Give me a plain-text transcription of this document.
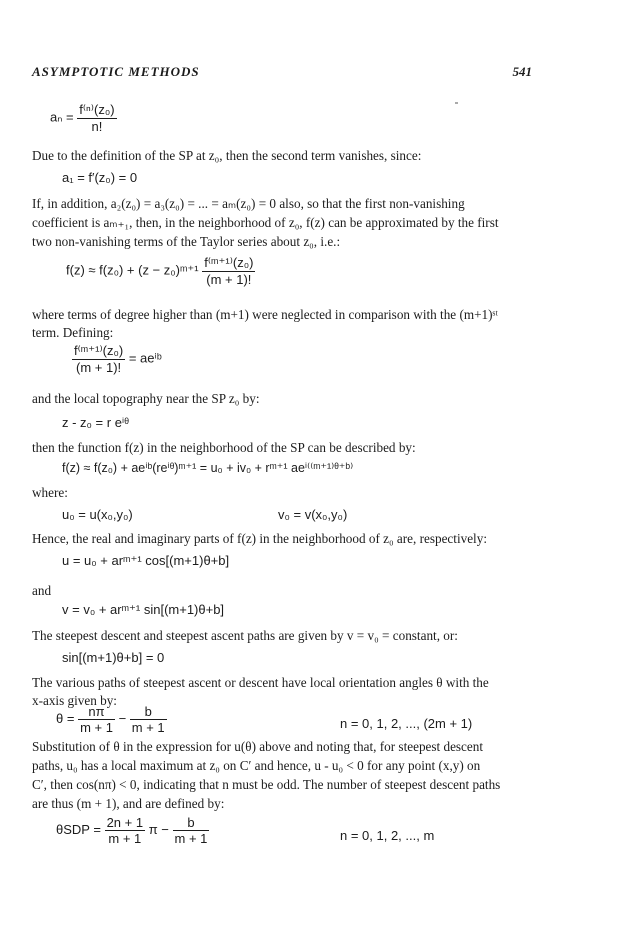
ASYMPTOTIC METHODS	541
$a_n = \frac{\text{f⁽ⁿ⁾(z₀)}}{n!}$
Due to the definition of the SP at z₀, then the second term vanishes, since:
a₁ = f′(z₀) = 0
If, in addition, a₂(z₀) = a₃(z₀) = ... = aₘ(z₀) = 0 also, so that the first non-vanishing
coefficient is aₘ₊₁, then, in the neighborhood of z₀, f(z) can be approximated by the first
two non-vanishing terms of the Taylor series about z₀, i.e.:
f(z) ≈ f(z₀) + (z − z₀)ᵐ⁺¹ $\frac{\text{f⁽ᵐ⁺¹⁾(z₀)}}{(m + 1)!}$
where terms of degree higher than (m+1) were neglected in comparison with the (m+1)ˢᵗ
term. Defining:
$\frac{\text{f⁽ᵐ⁺¹⁾(z₀)}}{(m + 1)!}$ = aeⁱᵇ
and the local topography near the SP z₀ by:
z - z₀ = r eⁱᶿ
then the function f(z) in the neighborhood of the SP can be described by:
f(z) ≈ f(z₀) + aeⁱᵇ(reⁱᶿ)ᵐ⁺¹ = u₀ + iv₀ + rᵐ⁺¹ aeⁱ⁽⁽ᵐ⁺¹⁾ᶿ⁺ᵇ⁾
where:
u₀ = u(x₀,y₀)	v₀ = v(x₀,y₀)
Hence, the real and imaginary parts of f(z) in the neighborhood of z₀ are, respectively:
u = u₀ + arᵐ⁺¹ cos[(m+1)θ+b]
and
v = v₀ + arᵐ⁺¹ sin[(m+1)θ+b]
The steepest descent and steepest ascent paths are given by v = v₀ = constant, or:
sin[(m+1)θ+b] = 0
The various paths of steepest ascent or descent have local orientation angles θ with the
x-axis given by:
$\theta = \frac{n\pi}{m + 1} - \frac{b}{m + 1}$	n = 0, 1, 2, ..., (2m + 1)
Substitution of θ in the expression for u(θ) above and noting that, for steepest descent
paths, u₀ has a local maximum at z₀ on C′ and hence, u - u₀ < 0 for any point (x,y) on
C′, then cos(nπ) < 0, indicating that n must be odd. The number of steepest descent paths
are thus (m + 1), and are defined by:
$\theta SDP = \frac{2n + 1}{m + 1}$ $\pi - \frac{b}{m + 1}$	n = 0, 1, 2, ..., m
